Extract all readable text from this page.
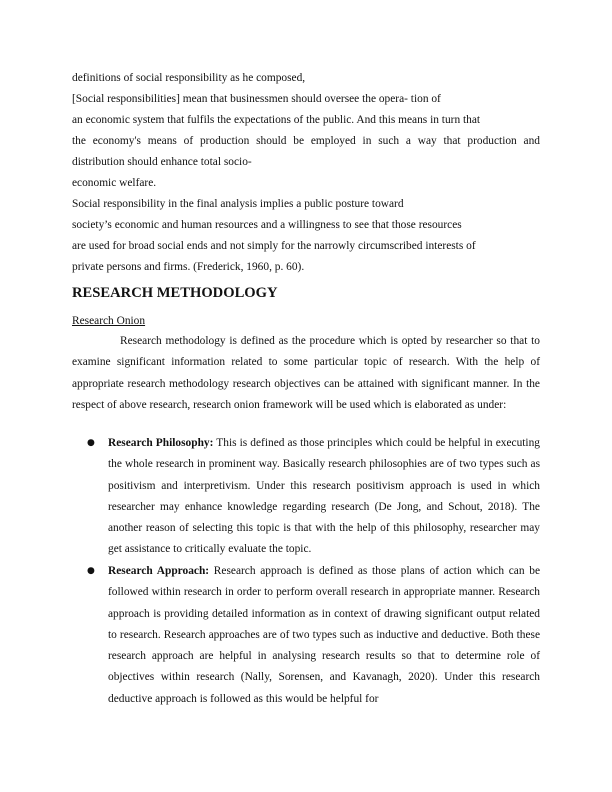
definitions of social responsibility as he composed,
[Social responsibilities] mean that businessmen should oversee the opera- tion of
an economic system that fulfils the expectations of the public. And this means in turn that
the economy's means of production should be employed in such a way that production and distribution should enhance total socio-
economic welfare.
Social responsibility in the final analysis implies a public posture toward
society’s economic and human resources and a willingness to see that those resources
are used for broad social ends and not simply for the narrowly circumscribed interests of
private persons and firms. (Frederick, 1960, p. 60).
RESEARCH METHODOLOGY
Research Onion

Research methodology is defined as the procedure which is opted by researcher so that to examine significant information related to some particular topic of research. With the help of appropriate research methodology research objectives can be attained with significant manner. In the respect of above research, research onion framework will be used which is elaborated as under:

● Research Philosophy: This is defined as those principles which could be helpful in executing the whole research in prominent way. Basically research philosophies are of two types such as positivism and interpretivism. Under this research positivism approach is used in which researcher may enhance knowledge regarding research (De Jong, and Schout, 2018). The another reason of selecting this topic is that with the help of this philosophy, researcher may get assistance to critically evaluate the topic.
● Research Approach: Research approach is defined as those plans of action which can be followed within research in order to perform overall research in appropriate manner. Research approach is providing detailed information as in context of drawing significant output related to research. Research approaches are of two types such as inductive and deductive. Both these research approach are helpful in analysing research results so that to determine role of objectives within research (Nally, Sorensen, and Kavanagh, 2020). Under this research deductive approach is followed as this would be helpful for
